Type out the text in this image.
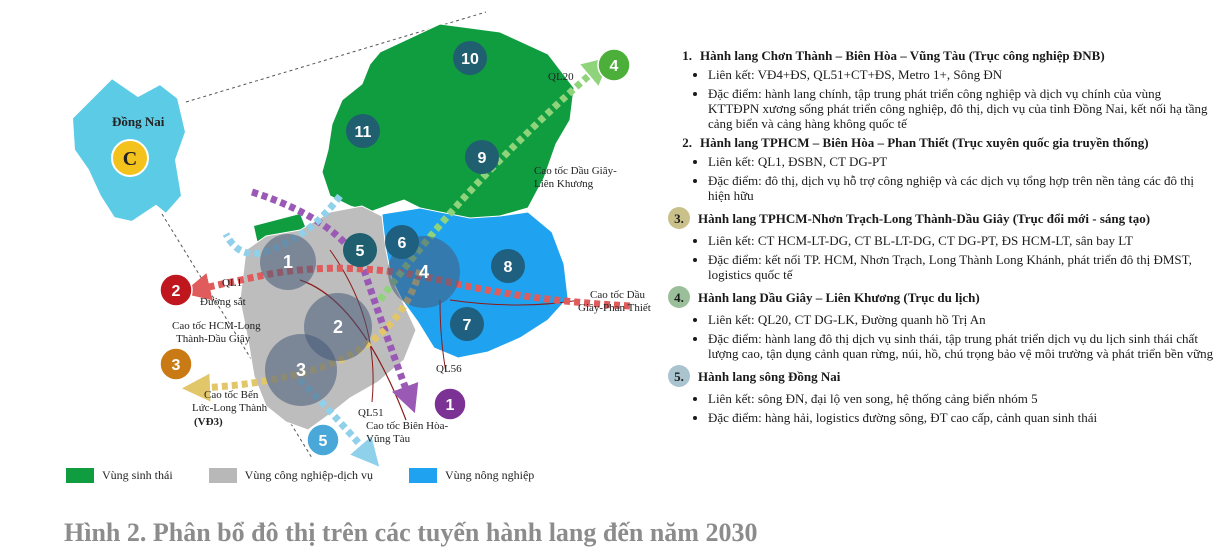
Đồng Nai
C
1
2
3
4
5 6
7
8
9
10
11
1
2
3
4
5
QL20
Cao tốc Dầu Giây-
Liên Khương
QL1
Đường sắt
Cao tốc HCM-Long
Thành-Dầu Giây
Cao tốc Bến
Lức-Long Thành
(VĐ3)
QL51
QL56
Cao tốc Biên Hòa-
Vũng Tàu
Cao tốc Dầu
Giây-Phan Thiết
Vùng sinh thái	Vùng công nghiệp-dịch vụ	Vùng nông nghiệp
1. Hành lang Chơn Thành – Biên Hòa – Vũng Tàu (Trục công nghiệp ĐNB)
• Liên kết: VĐ4+ĐS, QL51+CT+ĐS, Metro 1+, Sông ĐN
• Đặc điểm: hành lang chính, tập trung phát triển công nghiệp và dịch vụ chính của vùng KTTĐPN xương sống phát triển công nghiệp, đô thị, dịch vụ của tỉnh Đồng Nai, kết nối hạ tầng cảng biển và cảng hàng không quốc tế
2. Hành lang TPHCM – Biên Hòa – Phan Thiết (Trục xuyên quốc gia truyền thống)
• Liên kết: QL1, ĐSBN, CT DG-PT
• Đặc điểm: đô thị, dịch vụ hỗ trợ công nghiệp và các dịch vụ tổng hợp trên nền tảng các đô thị hiện hữu
3.	Hành lang TPHCM-Nhơn Trạch-Long Thành-Dầu Giây (Trục đổi mới - sáng tạo)
• Liên kết: CT HCM-LT-DG, CT BL-LT-DG, CT DG-PT, ĐS HCM-LT, sân bay LT
• Đặc điểm: kết nối TP. HCM, Nhơn Trạch, Long Thành Long Khánh, phát triển đô thị ĐMST, logistics quốc tế
4.	Hành lang Dầu Giây – Liên Khương (Trục du lịch)
• Liên kết: QL20, CT DG-LK, Đường quanh hồ Trị An
• Đặc điểm: hành lang đô thị dịch vụ sinh thái, tập trung phát triển dịch vụ du lịch sinh thái chất lượng cao, tận dụng cảnh quan rừng, núi, hồ, chú trọng bảo vệ môi trường và phát triển bền vững
5.	Hành lang sông Đồng Nai
• Liên kết: sông ĐN, đại lộ ven song, hệ thống cảng biển nhóm 5
• Đặc điểm: hàng hải, logistics đường sông, ĐT cao cấp, cảnh quan sinh thái
Hình 2. Phân bổ đô thị trên các tuyến hành lang đến năm 2030
